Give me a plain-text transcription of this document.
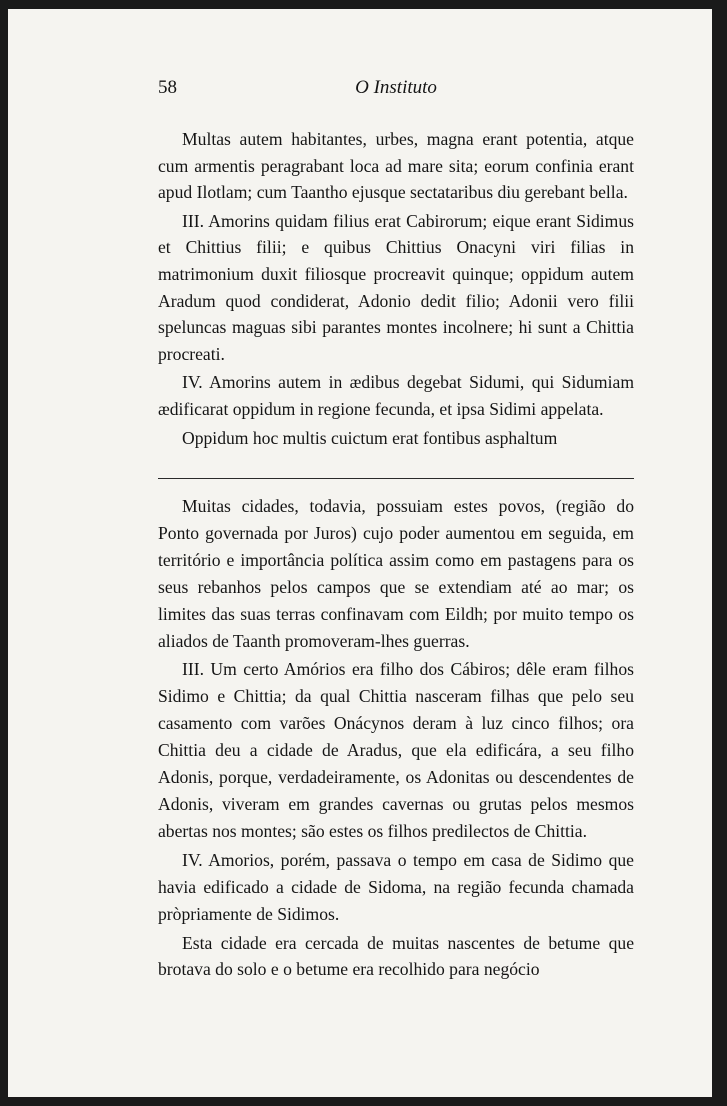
58	O Instituto

Multas autem habitantes, urbes, magna erant potentia, atque cum armentis peragrabant loca ad mare sita; eorum confinia erant apud Ilotlam; cum Taantho ejusque sectataribus diu gerebant bella.

III. Amorins quidam filius erat Cabirorum; eique erant Sidimus et Chittius filii; e quibus Chittius Onacyni viri filias in matrimonium duxit filiosque procreavit quinque; oppidum autem Aradum quod condiderat, Adonio dedit filio; Adonii vero filii speluncas maguas sibi parantes montes incolnere; hi sunt a Chittia procreati.

IV. Amorins autem in ædibus degebat Sidumi, qui Sidumiam ædificarat oppidum in regione fecunda, et ipsa Sidimi appelata.

Oppidum hoc multis cuictum erat fontibus asphaltum

Muitas cidades, todavia, possuiam estes povos, (região do Ponto governada por Juros) cujo poder aumentou em seguida, em território e importância política assim como em pastagens para os seus rebanhos pelos campos que se extendiam até ao mar; os limites das suas terras confinavam com Eildh; por muito tempo os aliados de Taanth promoveram-lhes guerras.

III. Um certo Amórios era filho dos Cábiros; dêle eram filhos Sidimo e Chittia; da qual Chittia nasceram filhas que pelo seu casamento com varões Onácynos deram à luz cinco filhos; ora Chittia deu a cidade de Aradus, que ela edificára, a seu filho Adonis, porque, verdadeiramente, os Adonitas ou descendentes de Adonis, viveram em grandes cavernas ou grutas pelos mesmos abertas nos montes; são estes os filhos predilectos de Chittia.

IV. Amorios, porém, passava o tempo em casa de Sidimo que havia edificado a cidade de Sidoma, na região fecunda chamada pròpriamente de Sidimos.

Esta cidade era cercada de muitas nascentes de betume que brotava do solo e o betume era recolhido para negócio
